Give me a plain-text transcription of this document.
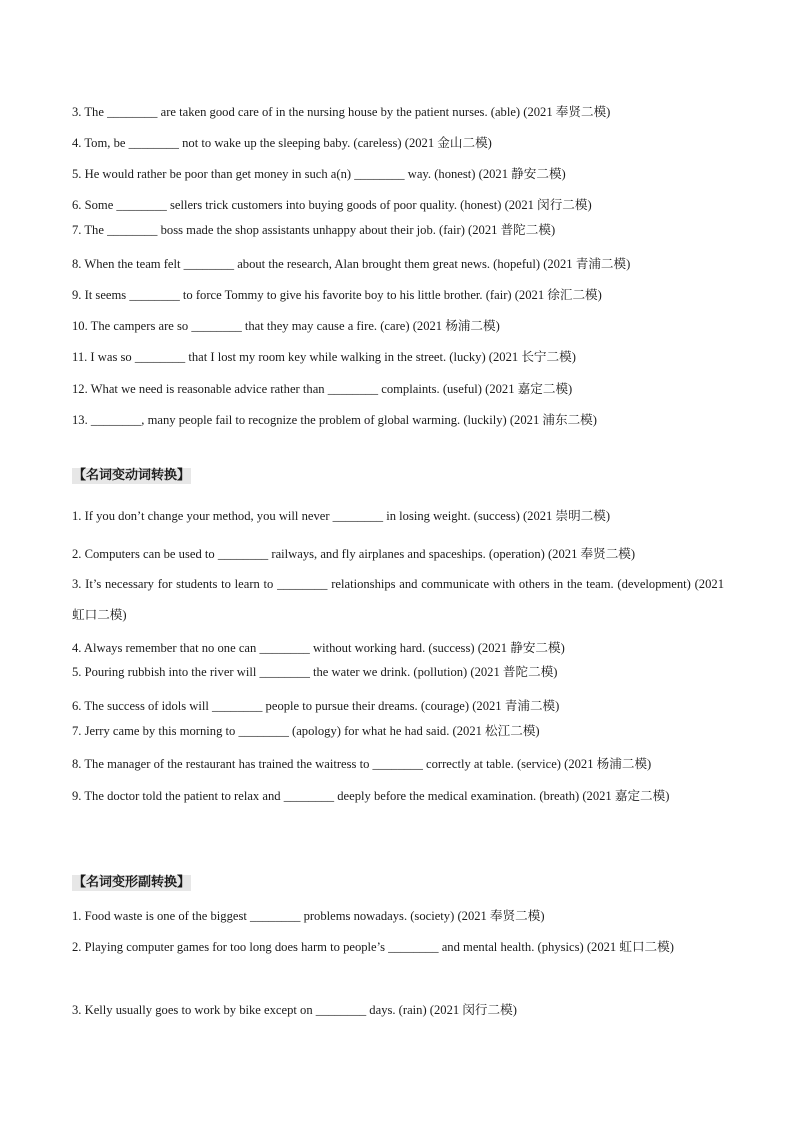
3. The ________ are taken good care of in the nursing house by the patient nurses. (able) (2021 奉贤二模)
4. Tom, be ________ not to wake up the sleeping baby. (careless) (2021 金山二模)
5. He would rather be poor than get money in such a(n) ________ way. (honest) (2021 静安二模)
6. Some ________ sellers trick customers into buying goods of poor quality. (honest) (2021 闵行二模)
7. The ________ boss made the shop assistants unhappy about their job. (fair) (2021 普陀二模)
8. When the team felt ________ about the research, Alan brought them great news. (hopeful) (2021 青浦二模)
9. It seems ________ to force Tommy to give his favorite boy to his little brother. (fair) (2021 徐汇二模)
10. The campers are so ________ that they may cause a fire. (care) (2021 杨浦二模)
11. I was so ________ that I lost my room key while walking in the street. (lucky) (2021 长宁二模)
12. What we need is reasonable advice rather than ________ complaints. (useful) (2021 嘉定二模)
13. ________, many people fail to recognize the problem of global warming. (luckily) (2021 浦东二模)
【名词变动词转换】
1. If you don’t change your method, you will never ________ in losing weight. (success) (2021 崇明二模)
2. Computers can be used to ________ railways, and fly airplanes and spaceships. (operation) (2021 奉贤二模)
3. It’s necessary for students to learn to ________ relationships and communicate with others in the team. (development) (2021 虹口二模)
4. Always remember that no one can ________ without working hard. (success) (2021 静安二模)
5. Pouring rubbish into the river will ________ the water we drink. (pollution) (2021 普陀二模)
6. The success of idols will ________ people to pursue their dreams. (courage) (2021 青浦二模)
7. Jerry came by this morning to ________ (apology) for what he had said. (2021 松江二模)
8. The manager of the restaurant has trained the waitress to ________ correctly at table. (service) (2021 杨浦二模)
9. The doctor told the patient to relax and ________ deeply before the medical examination. (breath) (2021 嘉定二模)
【名词变形副转换】
1. Food waste is one of the biggest ________ problems nowadays. (society) (2021 奉贤二模)
2. Playing computer games for too long does harm to people’s ________ and mental health. (physics) (2021 虹口二模)
3. Kelly usually goes to work by bike except on ________ days. (rain) (2021 闵行二模)
